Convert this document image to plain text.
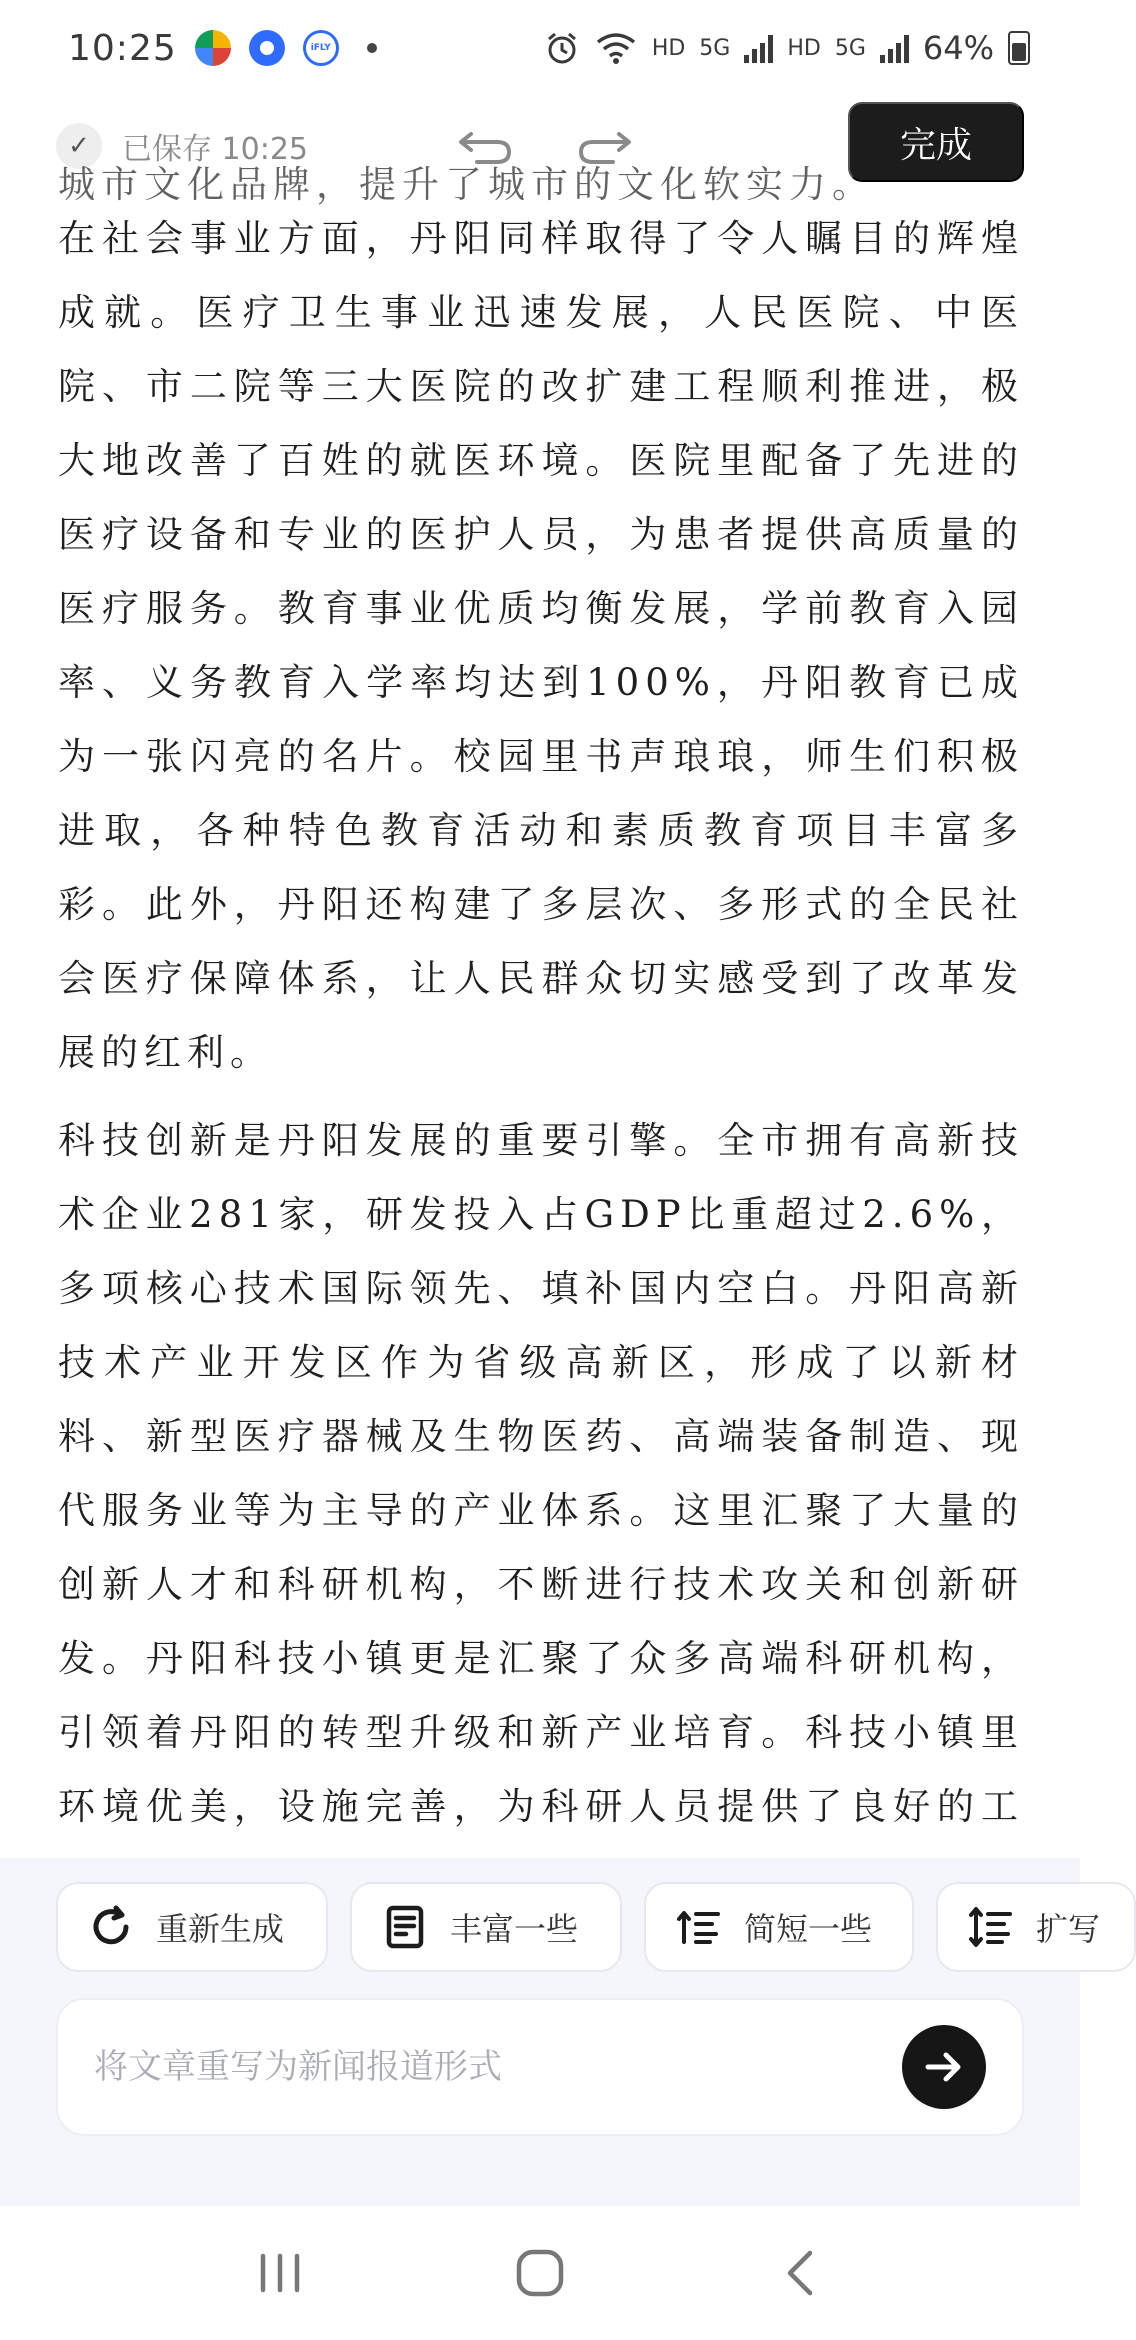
10:25	iFLY	HD 5G	HD 5G 64%
✓	已保存 10:25	完成

城市文化品牌，提升了城市的文化软实力。

在社会事业方面，丹阳同样取得了令人瞩目的辉煌成就。医疗卫生事业迅速发展，人民医院、中医院、市二院等三大医院的改扩建工程顺利推进，极大地改善了百姓的就医环境。医院里配备了先进的医疗设备和专业的医护人员，为患者提供高质量的医疗服务。教育事业优质均衡发展，学前教育入园率、义务教育入学率均达到100%，丹阳教育已成为一张闪亮的名片。校园里书声琅琅，师生们积极进取，各种特色教育活动和素质教育项目丰富多彩。此外，丹阳还构建了多层次、多形式的全民社会医疗保障体系，让人民群众切实感受到了改革发展的红利。

科技创新是丹阳发展的重要引擎。全市拥有高新技术企业281家，研发投入占GDP比重超过2.6%，多项核心技术国际领先、填补国内空白。丹阳高新技术产业开发区作为省级高新区，形成了以新材料、新型医疗器械及生物医药、高端装备制造、现代服务业等为主导的产业体系。这里汇聚了大量的创新人才和科研机构，不断进行技术攻关和创新研发。丹阳科技小镇更是汇聚了众多高端科研机构，引领着丹阳的转型升级和新产业培育。科技小镇里环境优美，设施完善，为科研人员提供了良好的工

重新生成	丰富一些	简短一些	扩写
将文章重写为新闻报道形式
